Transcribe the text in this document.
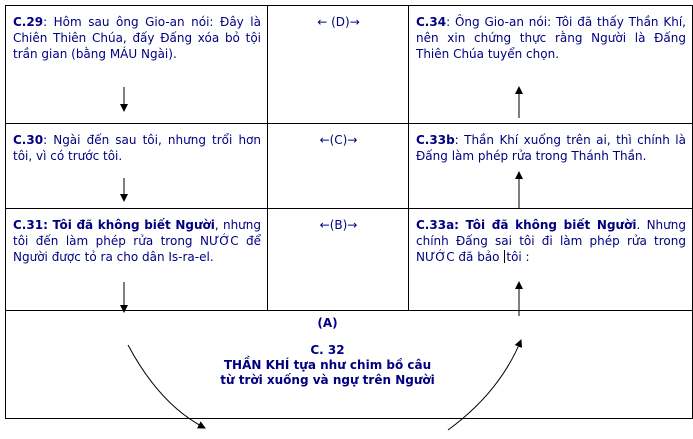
C.29: Hôm sau ông Gio-an nói: Đây là Chiên Thiên Chúa, đấy Đấng xóa bỏ tội trần gian (bằng MÁU Ngài).	← (D)→	C.34: Ông Gio-an nói: Tôi đã thấy Thần Khí, nên xin chứng thực rằng Người là Đấng Thiên Chúa tuyển chọn.
C.30: Ngài đến sau tôi, nhưng trổi hơn tôi, vì có trước tôi.	←(C)→	C.33b: Thần Khí xuống trên ai, thì chính là Đấng làm phép rửa trong Thánh Thần.
C.31: Tôi đã không biết Người, nhưng tôi đến làm phép rửa trong NƯỚC để Người được tỏ ra cho dân Is-ra-el.	←(B)→	C.33a: Tôi đã không biết Người. Nhưng chính Đấng sai tôi đi làm phép rửa trong NƯỚC đã bảo tôi :

(A)
C. 32
THẦN KHÍ tựa như chim bồ câu
từ trời xuống và ngự trên Người
